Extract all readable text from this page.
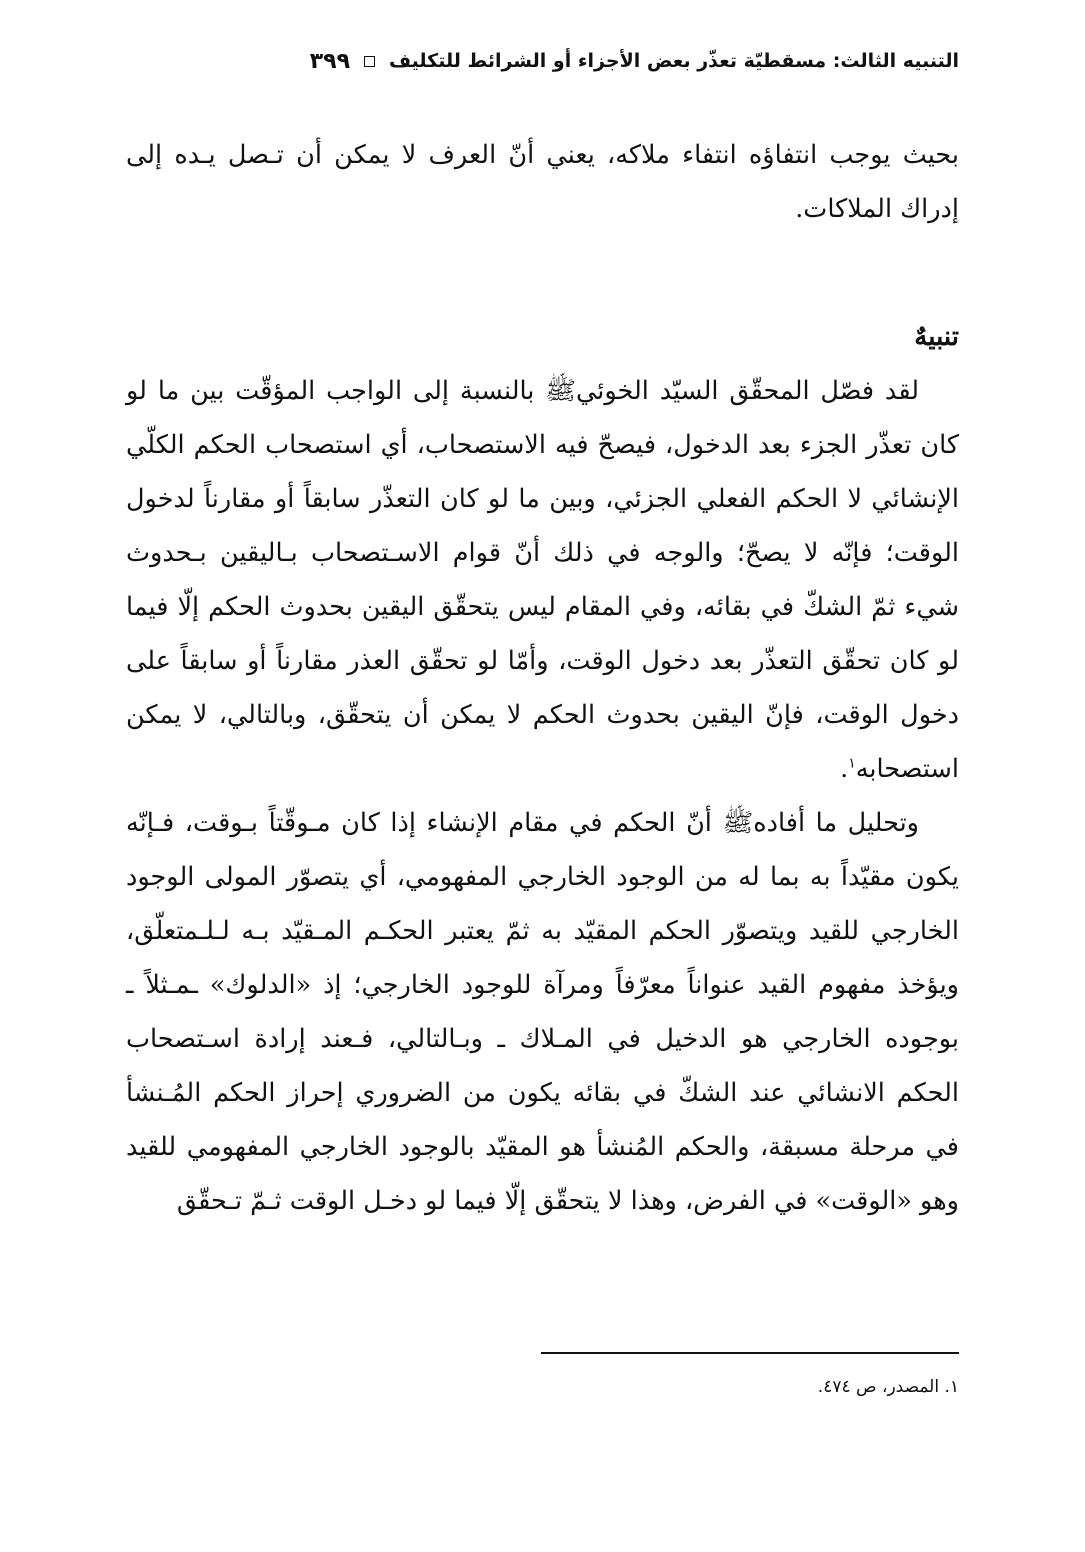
التنبيه الثالث: مسقطيّة تعذّر بعض الأجزاء أو الشرائط للتكليف
٣٩٩

بحيث يوجب انتفاؤه انتفاء ملاكه، يعني أنّ العرف لا يمكن أن تـصل يـده إلى إدراك الملاكات.

تنبيهٌ

لقد فصّل المحقّق السيّد الخوئيﷺ بالنسبة إلى الواجب المؤقّت بين ما لو كان تعذّر الجزء بعد الدخول، فيصحّ فيه الاستصحاب، أي استصحاب الحكم الكلّي الإنشائي لا الحكم الفعلي الجزئي، وبين ما لو كان التعذّر سابقاً أو مقارناً لدخول الوقت؛ فإنّه لا يصحّ؛ والوجه في ذلك أنّ قوام الاسـتصحاب بـاليقين بـحدوث شيء ثمّ الشكّ في بقائه، وفي المقام ليس يتحقّق اليقين بحدوث الحكم إلّا فيما لو كان تحقّق التعذّر بعد دخول الوقت، وأمّا لو تحقّق العذر مقارناً أو سابقاً على دخول الوقت، فإنّ اليقين بحدوث الحكم لا يمكن أن يتحقّق، وبالتالي، لا يمكن استصحابه$^١$.

وتحليل ما أفادهﷺ أنّ الحكم في مقام الإنشاء إذا كان مـوقّتاً بـوقت، فـإنّه يكون مقيّداً به بما له من الوجود الخارجي المفهومي، أي يتصوّر المولى الوجود الخارجي للقيد ويتصوّر الحكم المقيّد به ثمّ يعتبر الحكـم المـقيّد بـه لـلـمتعلّق، ويؤخذ مفهوم القيد عنواناً معرّفاً ومرآة للوجود الخارجي؛ إذ «الدلوك» ـمـثلاً ـ بوجوده الخارجي هو الدخيل في المـلاك ـ وبـالتالي، فـعند إرادة اسـتصحاب الحكم الانشائي عند الشكّ في بقائه يكون من الضروري إحراز الحكم المُـنشأ في مرحلة مسبقة، والحكم المُنشأ هو المقيّد بالوجود الخارجي المفهومي للقيد وهو «الوقت» في الفرض، وهذا لا يتحقّق إلّا فيما لو دخـل الوقت ثـمّ تـحقّق

١. المصدر، ص ٤٧٤.
